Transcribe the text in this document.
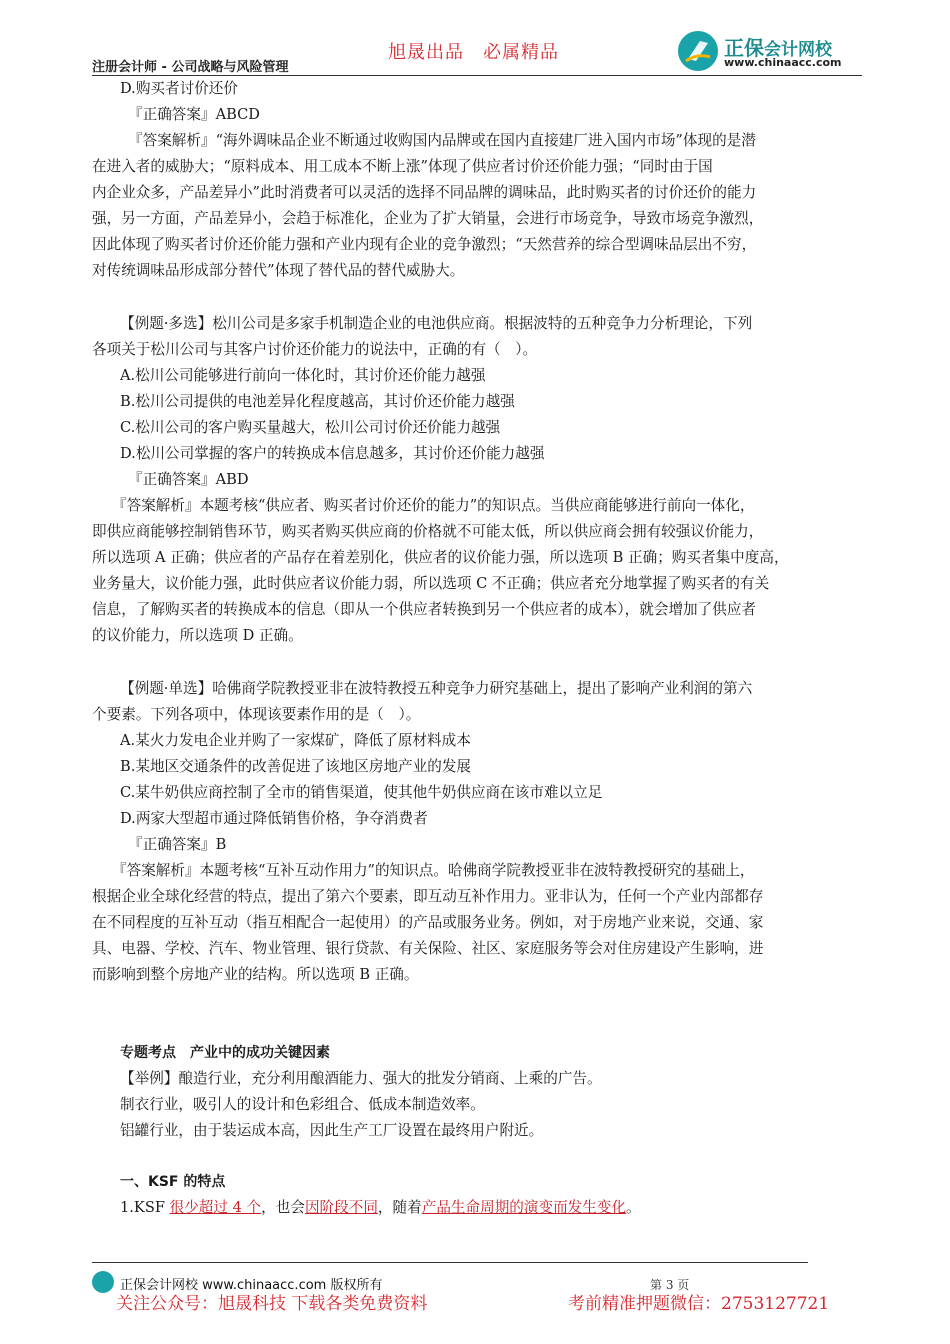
注册会计师 - 公司战略与风险管理
旭晟出品　必属精品	正保会计网校
www.chinaacc.com
D.购买者讨价还价
『正确答案』ABCD
『答案解析』“海外调味品企业不断通过收购国内品牌或在国内直接建厂进入国内市场”体现的是潜
在进入者的威胁大；“原料成本、用工成本不断上涨”体现了供应者讨价还价能力强；“同时由于国
内企业众多，产品差异小”此时消费者可以灵活的选择不同品牌的调味品，此时购买者的讨价还价的能力
强，另一方面，产品差异小，会趋于标准化，企业为了扩大销量，会进行市场竞争，导致市场竞争激烈，
因此体现了购买者讨价还价能力强和产业内现有企业的竞争激烈；“天然营养的综合型调味品层出不穷，
对传统调味品形成部分替代”体现了替代品的替代威胁大。
【例题·多选】松川公司是多家手机制造企业的电池供应商。根据波特的五种竞争力分析理论，下列
各项关于松川公司与其客户讨价还价能力的说法中，正确的有（　）。
A.松川公司能够进行前向一体化时，其讨价还价能力越强
B.松川公司提供的电池差异化程度越高，其讨价还价能力越强
C.松川公司的客户购买量越大，松川公司讨价还价能力越强
D.松川公司掌握的客户的转换成本信息越多，其讨价还价能力越强
『正确答案』ABD
『答案解析』本题考核“供应者、购买者讨价还价的能力”的知识点。当供应商能够进行前向一体化，
即供应商能够控制销售环节，购买者购买供应商的价格就不可能太低，所以供应商会拥有较强议价能力，
所以选项 A 正确；供应者的产品存在着差别化，供应者的议价能力强，所以选项 B 正确；购买者集中度高，
业务量大，议价能力强，此时供应者议价能力弱，所以选项 C 不正确；供应者充分地掌握了购买者的有关
信息，了解购买者的转换成本的信息（即从一个供应者转换到另一个供应者的成本），就会增加了供应者
的议价能力，所以选项 D 正确。
【例题·单选】哈佛商学院教授亚非在波特教授五种竞争力研究基础上，提出了影响产业利润的第六
个要素。下列各项中，体现该要素作用的是（　）。
A.某火力发电企业并购了一家煤矿，降低了原材料成本
B.某地区交通条件的改善促进了该地区房地产业的发展
C.某牛奶供应商控制了全市的销售渠道，使其他牛奶供应商在该市难以立足
D.两家大型超市通过降低销售价格，争夺消费者
『正确答案』B
『答案解析』本题考核“互补互动作用力”的知识点。哈佛商学院教授亚非在波特教授研究的基础上，
根据企业全球化经营的特点，提出了第六个要素，即互动互补作用力。亚非认为，任何一个产业内部都存
在不同程度的互补互动（指互相配合一起使用）的产品或服务业务。例如，对于房地产业来说，交通、家
具、电器、学校、汽车、物业管理、银行贷款、有关保险、社区、家庭服务等会对住房建设产生影响，进
而影响到整个房地产业的结构。所以选项 B 正确。
专题考点　产业中的成功关键因素
【举例】酿造行业，充分利用酿酒能力、强大的批发分销商、上乘的广告。
制衣行业，吸引人的设计和色彩组合、低成本制造效率。
铝罐行业，由于装运成本高，因此生产工厂设置在最终用户附近。
一、KSF 的特点
1.KSF 很少超过 4 个，也会因阶段不同，随着产品生命周期的演变而发生变化。
正保会计网校 www.chinaacc.com 版权所有	第 3 页
关注公众号：旭晟科技 下载各类免费资料	考前精准押题微信：2753127721
